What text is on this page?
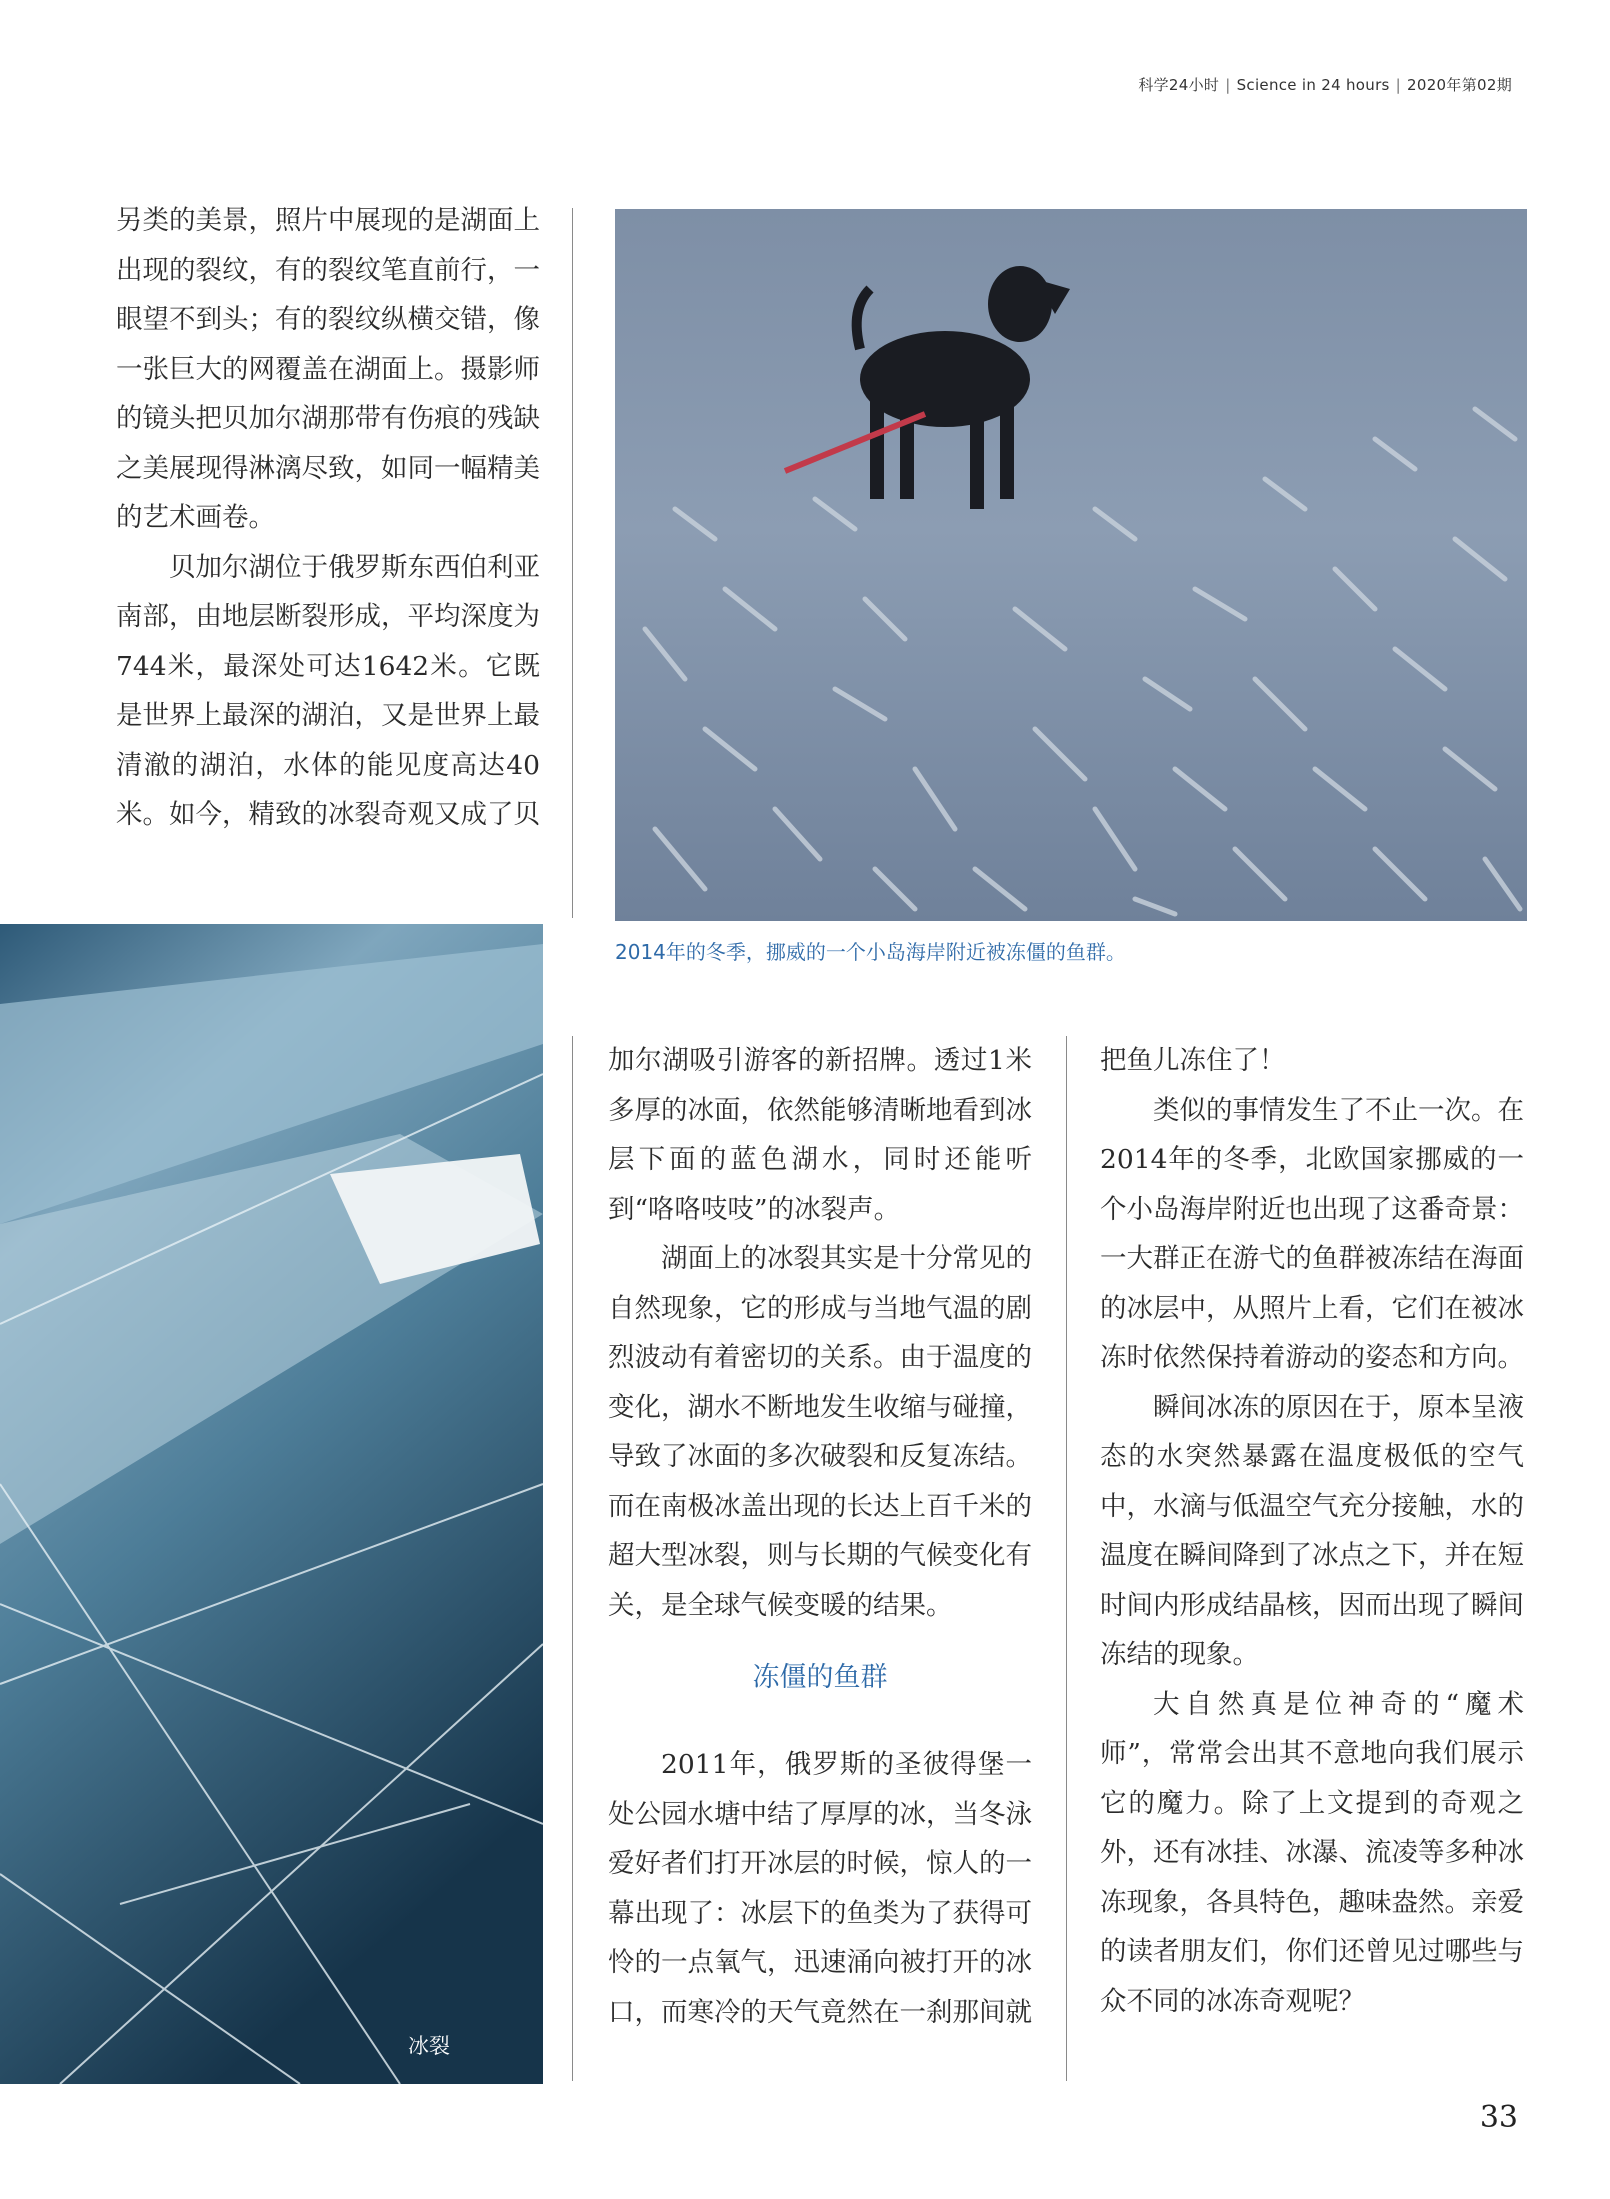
科学24小时 | Science in 24 hours | 2020年第02期

另类的美景，照片中展现的是湖面上出现的裂纹，有的裂纹笔直前行，一眼望不到头；有的裂纹纵横交错，像一张巨大的网覆盖在湖面上。摄影师的镜头把贝加尔湖那带有伤痕的残缺之美展现得淋漓尽致，如同一幅精美的艺术画卷。

贝加尔湖位于俄罗斯东西伯利亚南部，由地层断裂形成，平均深度为744米，最深处可达1642米。它既是世界上最深的湖泊，又是世界上最清澈的湖泊，水体的能见度高达40米。如今，精致的冰裂奇观又成了贝

2014年的冬季，挪威的一个小岛海岸附近被冻僵的鱼群。
冰裂

加尔湖吸引游客的新招牌。透过1米多厚的冰面，依然能够清晰地看到冰层下面的蓝色湖水，同时还能听到“咯咯吱吱”的冰裂声。

湖面上的冰裂其实是十分常见的自然现象，它的形成与当地气温的剧烈波动有着密切的关系。由于温度的变化，湖水不断地发生收缩与碰撞，导致了冰面的多次破裂和反复冻结。而在南极冰盖出现的长达上百千米的超大型冰裂，则与长期的气候变化有关，是全球气候变暖的结果。

冻僵的鱼群

2011年，俄罗斯的圣彼得堡一处公园水塘中结了厚厚的冰，当冬泳爱好者们打开冰层的时候，惊人的一幕出现了：冰层下的鱼类为了获得可怜的一点氧气，迅速涌向被打开的冰口，而寒冷的天气竟然在一刹那间就

把鱼儿冻住了！

类似的事情发生了不止一次。在2014年的冬季，北欧国家挪威的一个小岛海岸附近也出现了这番奇景：一大群正在游弋的鱼群被冻结在海面的冰层中，从照片上看，它们在被冰冻时依然保持着游动的姿态和方向。

瞬间冰冻的原因在于，原本呈液态的水突然暴露在温度极低的空气中，水滴与低温空气充分接触，水的温度在瞬间降到了冰点之下，并在短时间内形成结晶核，因而出现了瞬间冻结的现象。

大自然真是位神奇的“魔术师”，常常会出其不意地向我们展示它的魔力。除了上文提到的奇观之外，还有冰挂、冰瀑、流凌等多种冰冻现象，各具特色，趣味盎然。亲爱的读者朋友们，你们还曾见过哪些与众不同的冰冻奇观呢？

33
